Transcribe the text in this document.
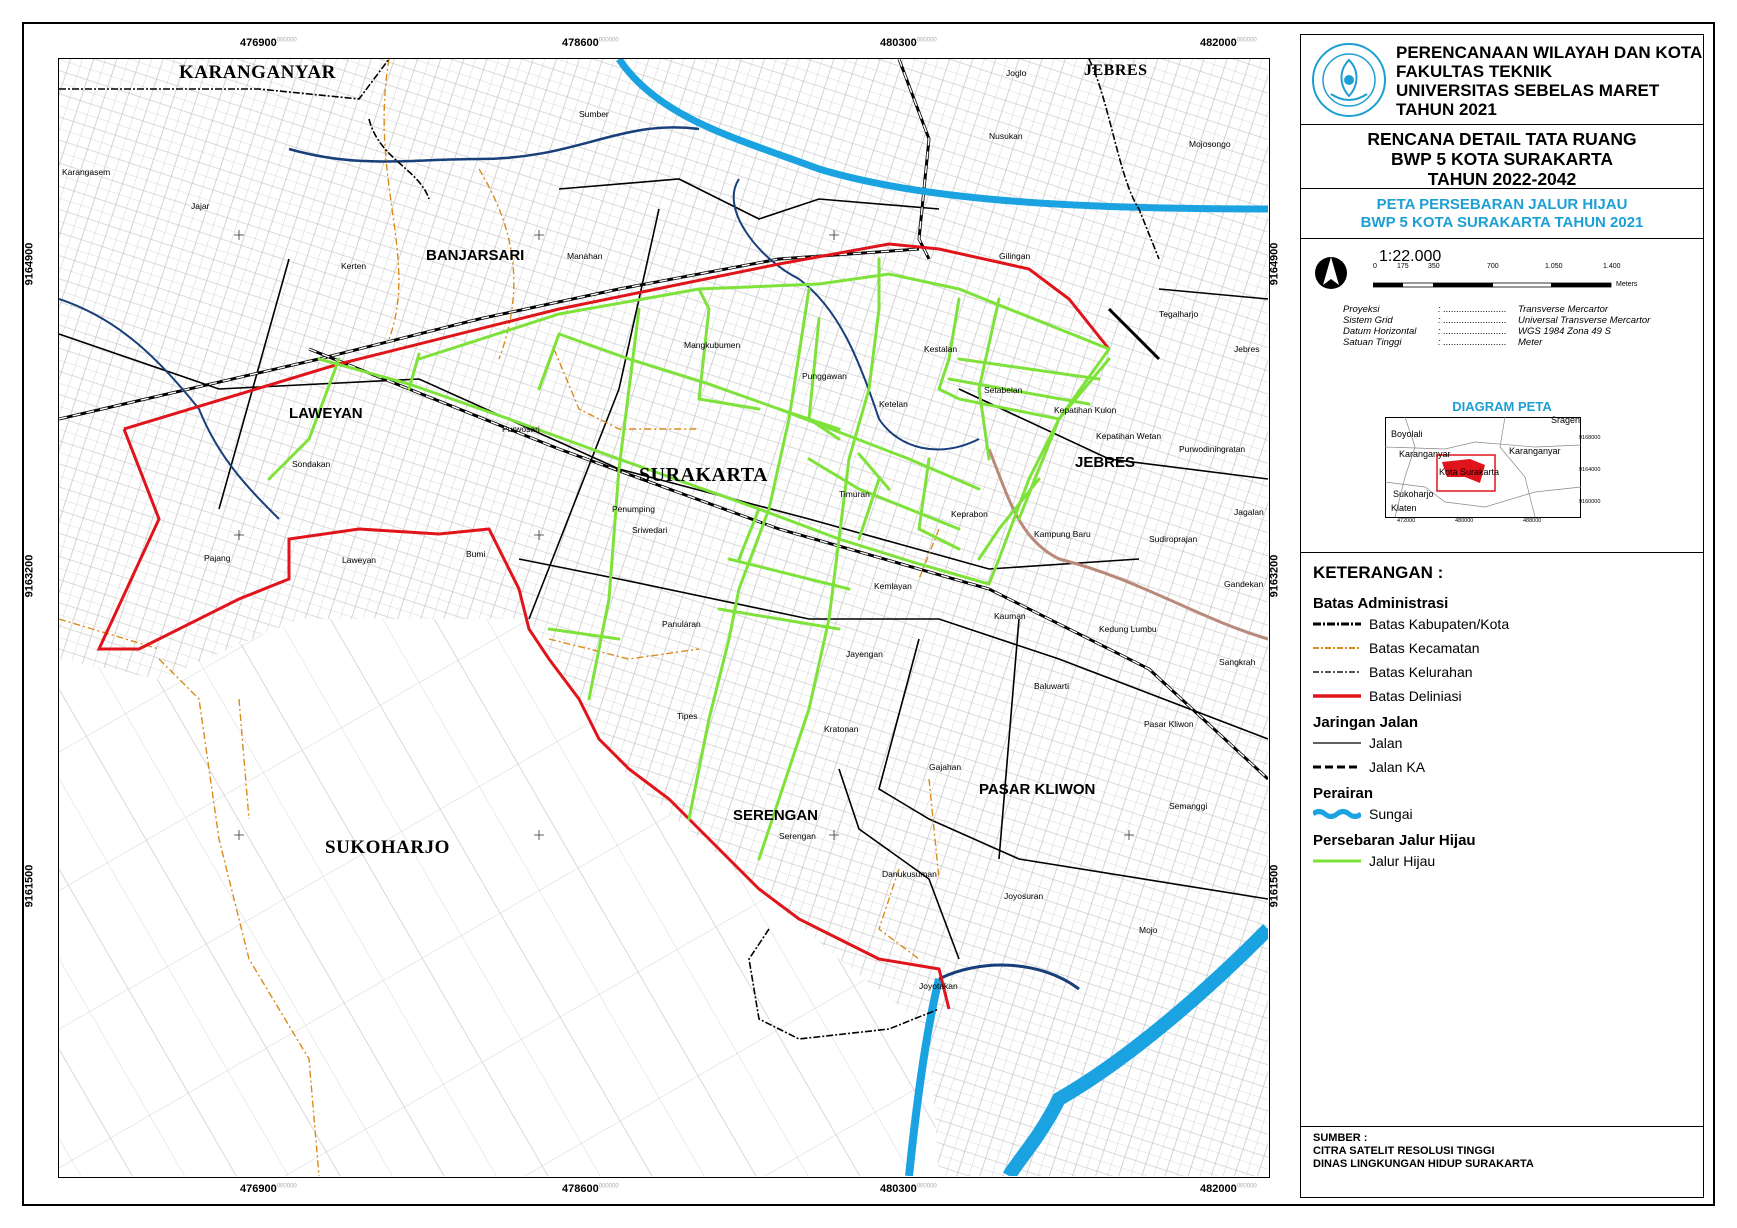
KARANGANYAR	JEBRES
SUKOHARJO
SURAKARTA
BANJARSARI
LAWEYAN
JEBRES
SERENGAN
PASAR KLIWON
Sumber
Joglo
Nusukan
Mojosongo
Karangasem
Jajar
Manahan	Gilingan
Kerten
Tegalharjo
Jebres
Mangkubumen	Kestalan
Punggawan
Setabelan
Purwosari
Ketelan
Kepatihan Kulon
Kepatihan Wetan
Purwodiningratan
Sondakan
Timuran
Penumping
Sriwedari
Keprabon
Kampung Baru	Sudiroprajan
Jagalan
Pajang	Laweyan
Bumi
Gandekan
Kemlayan
Kauman
Panularan	Kedung Lumbu
Jayengan
Sangkrah
Baluwarti
Tipes
Kratonan	Pasar Kliwon
Gajahan
Serengan
Semanggi
Danukusuman
Joyosuran
Mojo
Joyotakan
$476900^{000000}$	$478600^{000000}$	$480300^{000000}$	$482000^{000000}$
$476900^{000000}$	$478600^{000000}$	$480300^{000000}$	$482000^{000000}$
9164900
9163200
9161500
9164900
9163200
9161500
PERENCANAAN WILAYAH DAN KOTA
FAKULTAS TEKNIK
UNIVERSITAS SEBELAS MARET
TAHUN 2021
RENCANA DETAIL TATA RUANG
BWP 5 KOTA SURAKARTA
TAHUN 2022-2042
PETA PERSEBARAN JALUR HIJAU
BWP 5 KOTA SURAKARTA TAHUN 2021
1:22.000
0	175	350	700	1.050	1.400
Meters
Proyeksi	: ........................	Transverse Mercartor
Sistem Grid	: ........................	Universal Transverse Mercartor
Datum Horizontal	: ........................	WGS 1984 Zona 49 S
Satuan Tinggi	: ........................	Meter
DIAGRAM PETA
Boyolali
Sragen
Karanganyar	Karanganyar
Kota Surakarta
Sukoharjo
Klaten
472000	480000	488000
9168000
9164000
9160000
KETERANGAN :
Batas Administrasi
Batas Kabupaten/Kota
Batas Kecamatan
Batas Kelurahan
Batas Deliniasi
Jaringan Jalan
Jalan
Jalan KA
Perairan
Sungai
Persebaran Jalur Hijau
Jalur Hijau
SUMBER :
CITRA SATELIT RESOLUSI TINGGI
DINAS LINGKUNGAN HIDUP SURAKARTA
